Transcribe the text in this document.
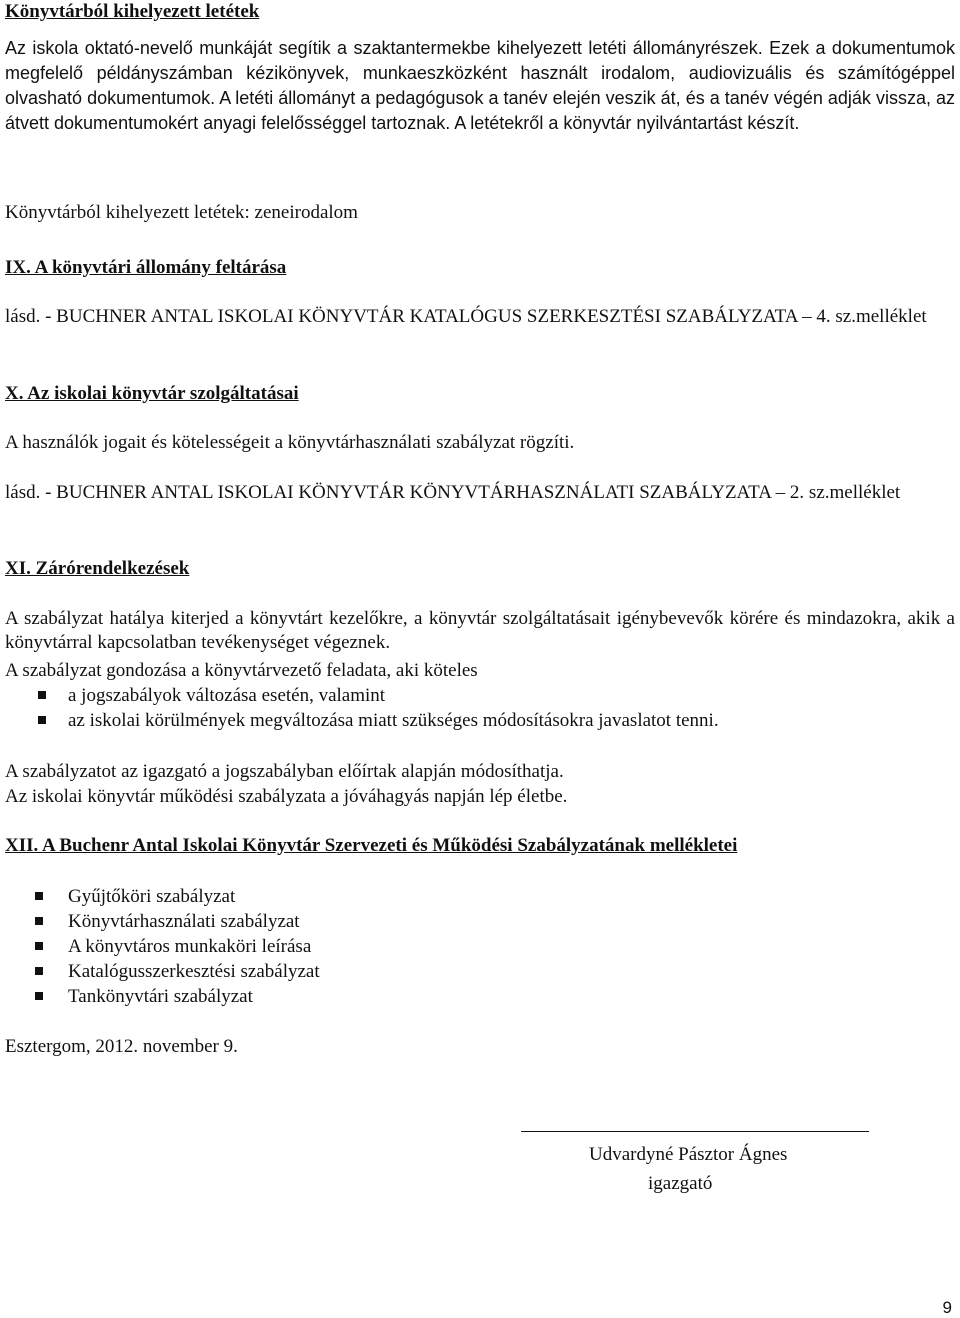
Könyvtárból kihelyezett letétek

Az iskola oktató-nevelő munkáját segítik a szaktantermekbe kihelyezett letéti állományrészek. Ezek a dokumentumok megfelelő példányszámban kézikönyvek, munkaeszközként használt irodalom, audiovizuális és számítógéppel olvasható dokumentumok. A letéti állományt a pedagógusok a tanév elején veszik át, és a tanév végén adják vissza, az átvett dokumentumokért anyagi felelősséggel tartoznak. A letétekről a könyvtár nyilvántartást készít.

Könyvtárból kihelyezett letétek: zeneirodalom

IX. A könyvtári állomány feltárása

lásd. - BUCHNER ANTAL ISKOLAI KÖNYVTÁR KATALÓGUS SZERKESZTÉSI SZABÁLYZATA – 4. sz.melléklet

X. Az iskolai könyvtár szolgáltatásai

A használók jogait és kötelességeit a könyvtárhasználati szabályzat rögzíti.

lásd. - BUCHNER ANTAL ISKOLAI KÖNYVTÁR KÖNYVTÁRHASZNÁLATI SZABÁLYZATA – 2. sz.melléklet

XI. Zárórendelkezések

A szabályzat hatálya kiterjed a könyvtárt kezelőkre, a könyvtár szolgáltatásait igénybevevők körére és mindazokra, akik a könyvtárral kapcsolatban tevékenységet végeznek.

A szabályzat gondozása a könyvtárvezető feladata, aki köteles

a jogszabályok változása esetén, valamint
az iskolai körülmények megváltozása miatt szükséges módosításokra javaslatot tenni.

A szabályzatot az igazgató a jogszabályban előírtak alapján módosíthatja.

Az iskolai könyvtár működési szabályzata a jóváhagyás napján lép életbe.

XII. A Buchenr Antal Iskolai Könyvtár Szervezeti és Működési Szabályzatának mellékletei

Gyűjtőköri szabályzat
Könyvtárhasználati szabályzat
A könyvtáros munkaköri leírása
Katalógusszerkesztési szabályzat
Tankönyvtári szabályzat

Esztergom, 2012. november 9.

Udvardyné Pásztor Ágnes
igazgató
9
